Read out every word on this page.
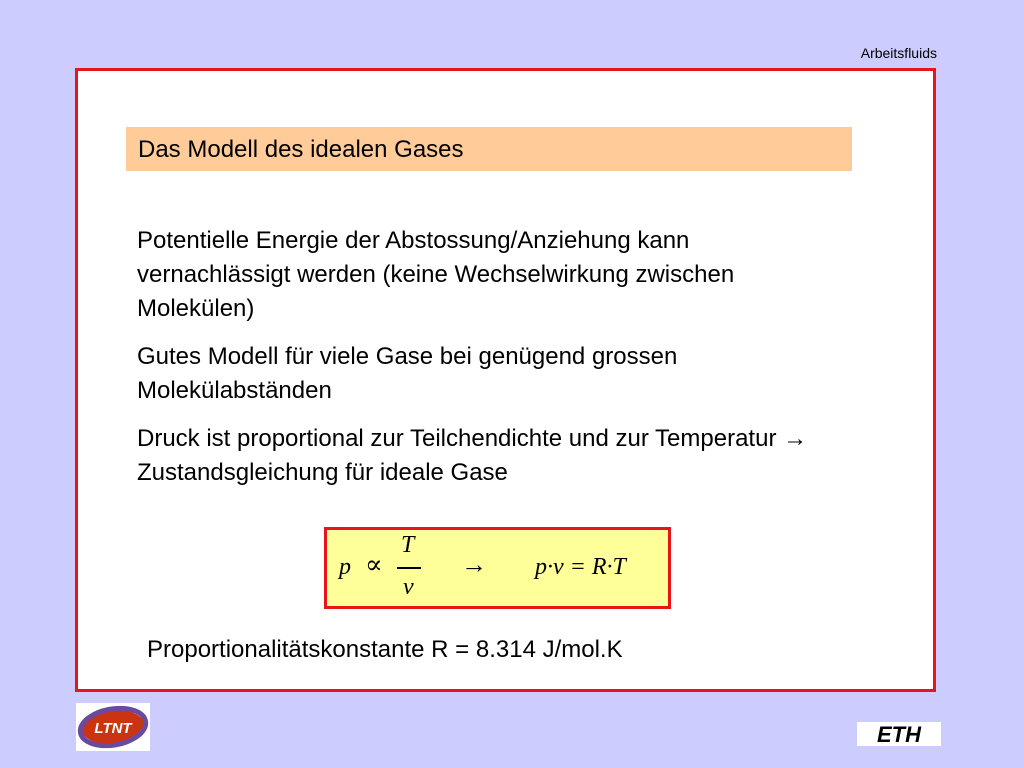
Arbeitsfluids
Das Modell des idealen Gases

Potentielle Energie der Abstossung/Anziehung kann vernachlässigt werden (keine Wechselwirkung zwischen Molekülen)

Gutes Modell für viele Gase bei genügend grossen Molekülabständen

Druck ist proportional zur Teilchendichte und zur Temperatur → Zustandsgleichung für ideale Gase

p ∝
T
v
→ p·v = R·T
Proportionalitätskonstante R = 8.314 J/mol.K
LTNT	ETH
